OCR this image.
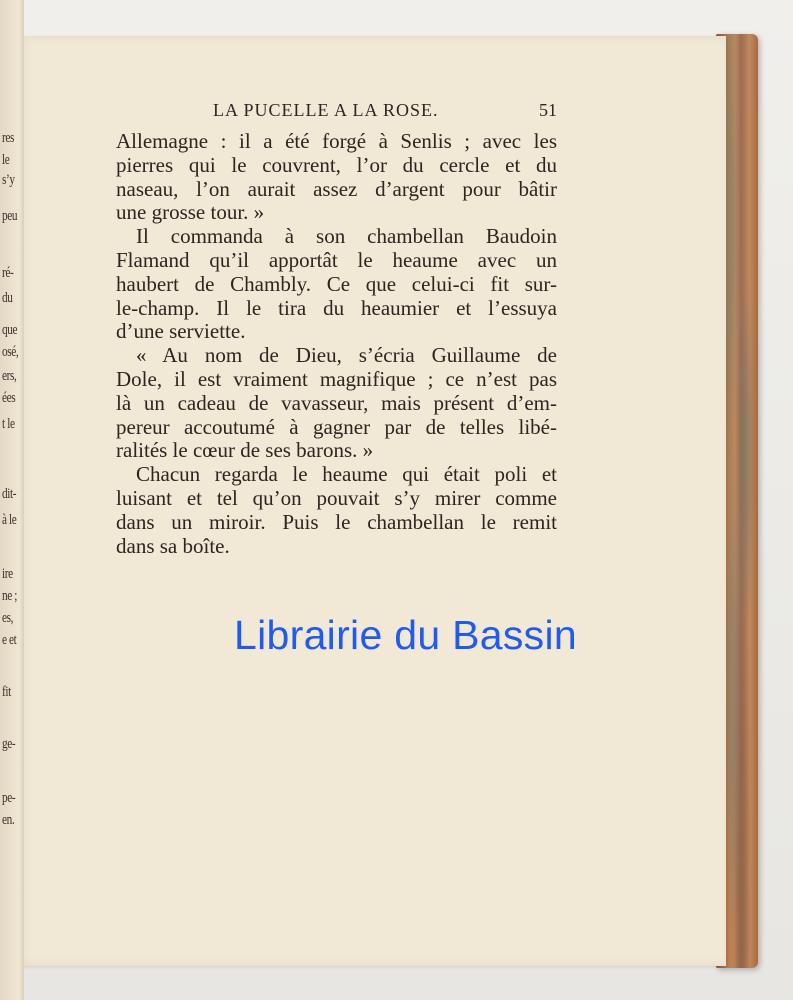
res
le
s’y
peu
ré-
du
que
osé,
ers,
ées
t le
dit-
à le
ire
ne ;
es,
e et
fit
ge-
pe-
en.
LA PUCELLE A LA ROSE.	51
Allemagne : il a été forgé à Senlis ; avec les
pierres qui le couvrent, l’or du cercle et du
naseau, l’on aurait assez d’argent pour bâtir
une grosse tour. »
Il commanda à son chambellan Baudoin
Flamand qu’il apportât le heaume avec un
haubert de Chambly. Ce que celui-ci fit sur-
le-champ. Il le tira du heaumier et l’essuya
d’une serviette.
« Au nom de Dieu, s’écria Guillaume de
Dole, il est vraiment magnifique ; ce n’est pas
là un cadeau de vavasseur, mais présent d’em-
pereur accoutumé à gagner par de telles libé-
ralités le cœur de ses barons. »
Chacun regarda le heaume qui était poli et
luisant et tel qu’on pouvait s’y mirer comme
dans un miroir. Puis le chambellan le remit
dans sa boîte.
Librairie du Bassin
